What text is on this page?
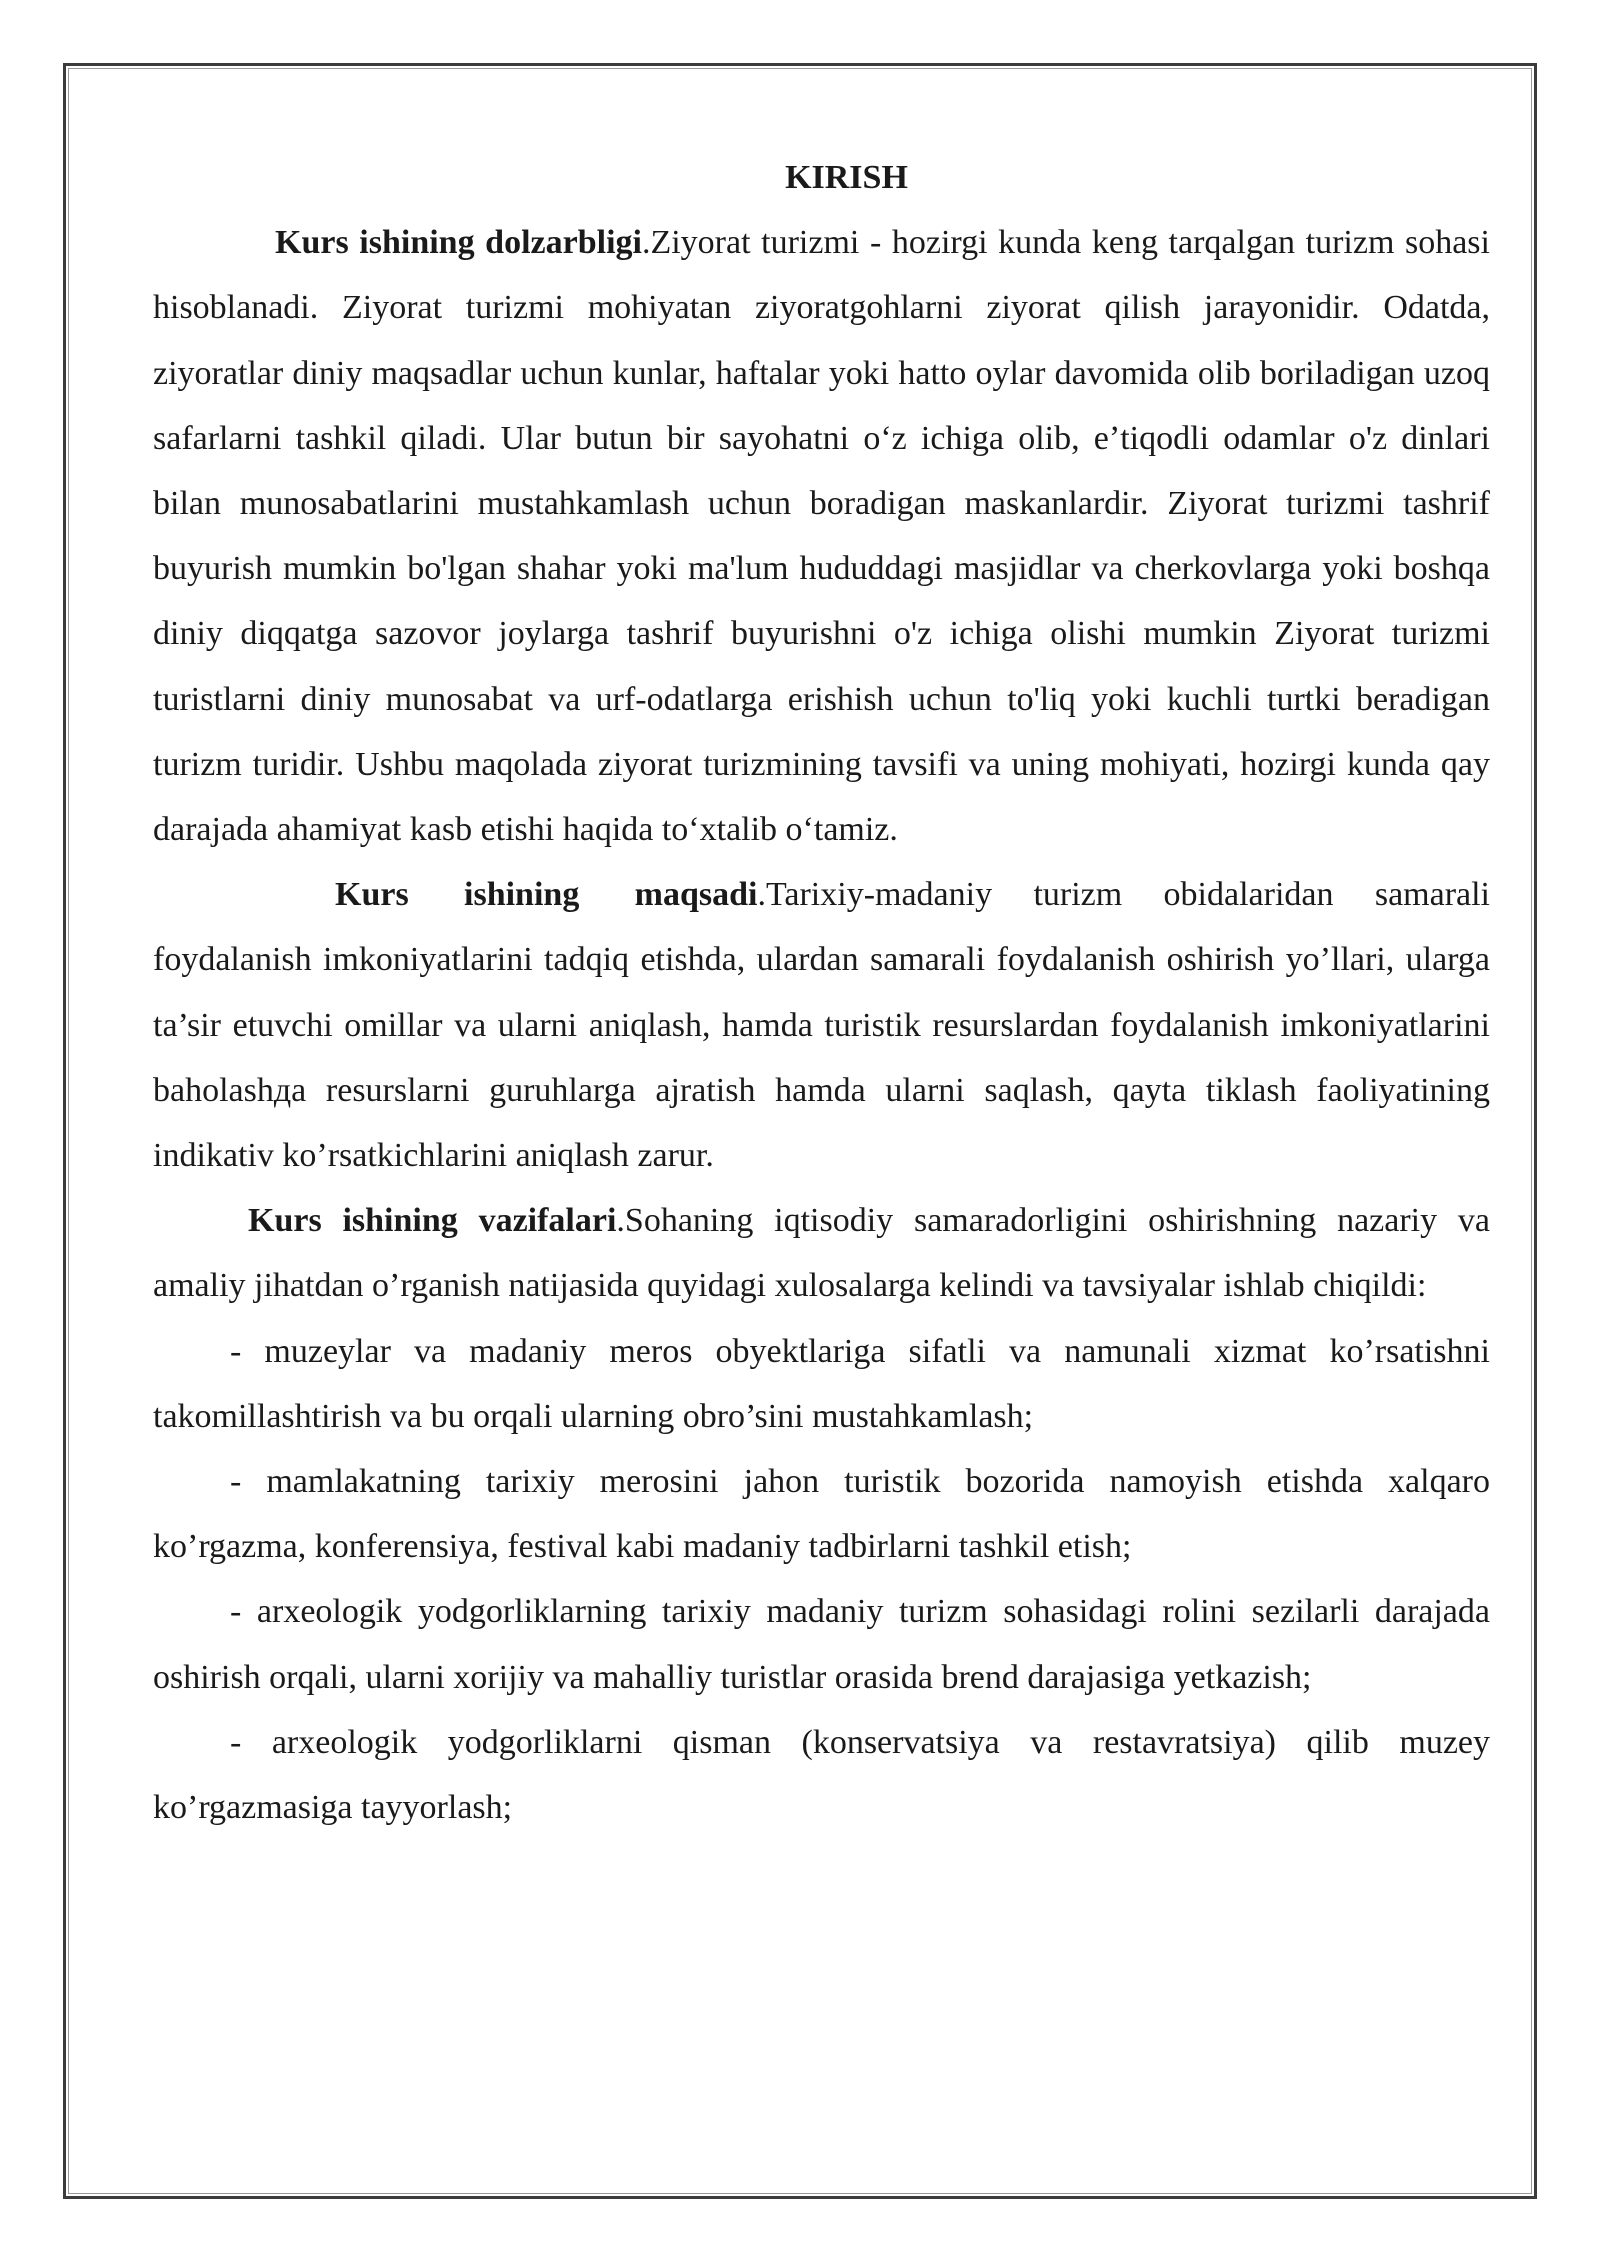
KIRISH

Kurs ishining dolzarbligi.Ziyorat turizmi - hozirgi kunda keng tarqalgan turizm sohasi hisoblanadi. Ziyorat turizmi mohiyatan ziyoratgohlarni ziyorat qilish jarayonidir. Odatda, ziyoratlar diniy maqsadlar uchun kunlar, haftalar yoki hatto oylar davomida olib boriladigan uzoq safarlarni tashkil qiladi. Ular butun bir sayohatni oʻz ichiga olib, eʼtiqodli odamlar o'z dinlari bilan munosabatlarini mustahkamlash uchun boradigan maskanlardir. Ziyorat turizmi tashrif buyurish mumkin bo'lgan shahar yoki ma'lum hududdagi masjidlar va cherkovlarga yoki boshqa diniy diqqatga sazovor joylarga tashrif buyurishni o'z ichiga olishi mumkin Ziyorat turizmi turistlarni diniy munosabat va urf-odatlarga erishish uchun to'liq yoki kuchli turtki beradigan turizm turidir. Ushbu maqolada ziyorat turizmining tavsifi va uning mohiyati, hozirgi kunda qay darajada ahamiyat kasb etishi haqida toʻxtalib oʻtamiz.

Kurs ishining maqsadi.Tarixiy-madaniy turizm obidalaridan samarali foydalanish imkoniyatlarini tadqiq etishda, ulardan samarali foydalanish oshirish yo’llari, ularga ta’sir etuvchi omillar va ularni aniqlash, hamda turistik resurslardan foydalanish imkoniyatlarini baholashда resurslarni guruhlarga ajratish hamda ularni saqlash, qayta tiklash faoliyatining indikativ ko’rsatkichlarini aniqlash zarur.

Kurs ishining vazifalari.Sohaning iqtisodiy samaradorligini oshirishning nazariy va amaliy jihatdan o’rganish natijasida quyidagi xulosalarga kelindi va tavsiyalar ishlab chiqildi:

- muzeylar va madaniy meros obyektlariga sifatli va namunali xizmat ko’rsatishni takomillashtirish va bu orqali ularning obro’sini mustahkamlash;

- mamlakatning tarixiy merosini jahon turistik bozorida namoyish etishda xalqaro ko’rgazma, konferensiya, festival kabi madaniy tadbirlarni tashkil etish;

- arxeologik yodgorliklarning tarixiy madaniy turizm sohasidagi rolini sezilarli darajada oshirish orqali, ularni xorijiy va mahalliy turistlar orasida brend darajasiga yetkazish;

- arxeologik yodgorliklarni qisman (konservatsiya va restavratsiya) qilib muzey ko’rgazmasiga tayyorlash;
